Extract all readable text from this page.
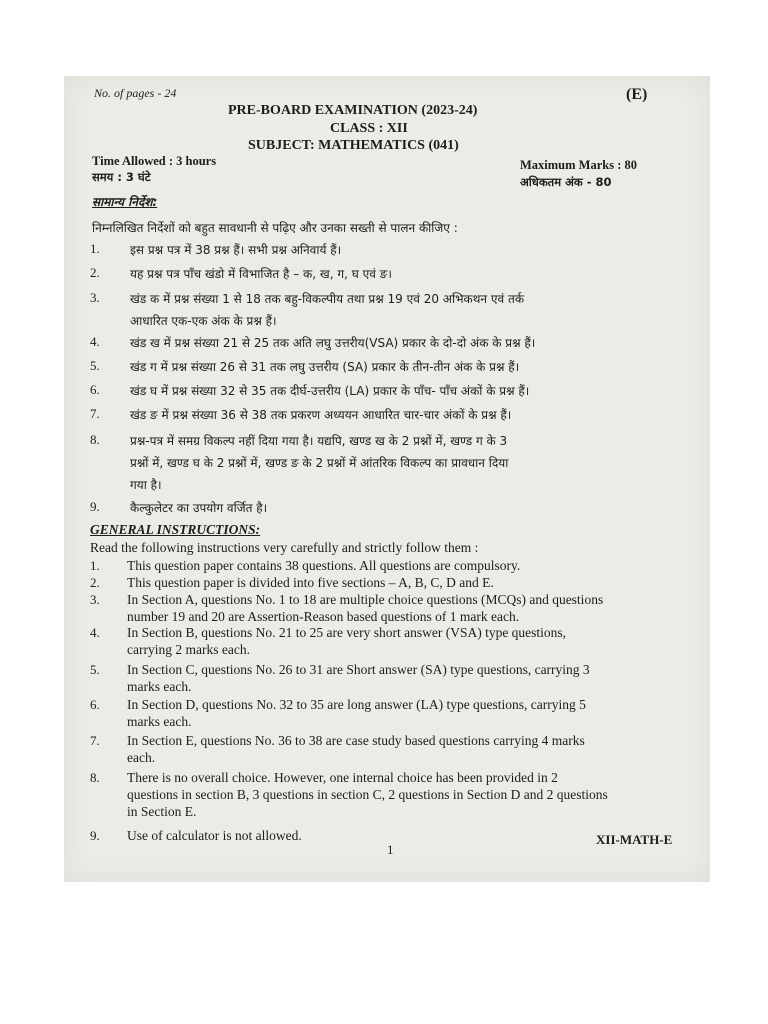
No. of pages - 24	(E)
PRE-BOARD EXAMINATION (2023-24)
CLASS : XII
SUBJECT: MATHEMATICS (041)
Time Allowed : 3 hours
समय : 3 घंटे
Maximum Marks : 80
अधिकतम अंक - 80
सामान्य निर्देश:
निम्नलिखित निर्देशों को बहुत सावधानी से पढ़िए और उनका सख्ती से पालन कीजिए :
GENERAL INSTRUCTIONS:
Read the following instructions very carefully and strictly follow them :
1
XII-MATH-E
1.	इस प्रश्न पत्र में 38 प्रश्न हैं। सभी प्रश्न अनिवार्य हैं।
2.	यह प्रश्न पत्र पाँच खंडो में विभाजित है – क, ख, ग, घ एवं ङ।
3.	खंड क में प्रश्न संख्या 1 से 18 तक बहु-विकल्पीय तथा प्रश्न 19 एवं 20 अभिकथन एवं तर्क
आधारित एक-एक अंक के प्रश्न हैं।
4.	खंड ख में प्रश्न संख्या 21 से 25 तक अति लघु उत्तरीय(VSA) प्रकार के दो-दो अंक के प्रश्न हैं।
5.	खंड ग में प्रश्न संख्या 26 से 31 तक लघु उत्तरीय (SA) प्रकार के तीन-तीन अंक के प्रश्न हैं।
6.	खंड घ में प्रश्न संख्या 32 से 35 तक दीर्घ-उत्तरीय (LA) प्रकार के पाँच- पाँच अंकों के प्रश्न हैं।
7.	खंड ङ में प्रश्न संख्या 36 से 38 तक प्रकरण अध्ययन आधारित चार-चार अंकों के प्रश्न हैं।
8.	प्रश्न-पत्र में समग्र विकल्प नहीं दिया गया है। यद्यपि, खण्ड ख के 2 प्रश्नों में, खण्ड ग के 3
प्रश्नों में, खण्ड घ के 2 प्रश्नों में, खण्ड ङ के 2 प्रश्नों में आंतरिक विकल्प का प्रावधान दिया
गया है।
9.	कैल्कुलेटर का उपयोग वर्जित है।
1. This question paper contains 38 questions. All questions are compulsory.
2. This question paper is divided into five sections – A, B, C, D and E.
3. In Section A, questions No. 1 to 18 are multiple choice questions (MCQs) and questions
number 19 and 20 are Assertion-Reason based questions of 1 mark each.
4. In Section B, questions No. 21 to 25 are very short answer (VSA) type questions,
carrying 2 marks each.
5. In Section C, questions No. 26 to 31 are Short answer (SA) type questions, carrying 3
marks each.
6. In Section D, questions No. 32 to 35 are long answer (LA) type questions, carrying 5
marks each.
7. In Section E, questions No. 36 to 38 are case study based questions carrying 4 marks
each.
8. There is no overall choice. However, one internal choice has been provided in 2
questions in section B, 3 questions in section C, 2 questions in Section D and 2 questions
in Section E.
9. Use of calculator is not allowed.
